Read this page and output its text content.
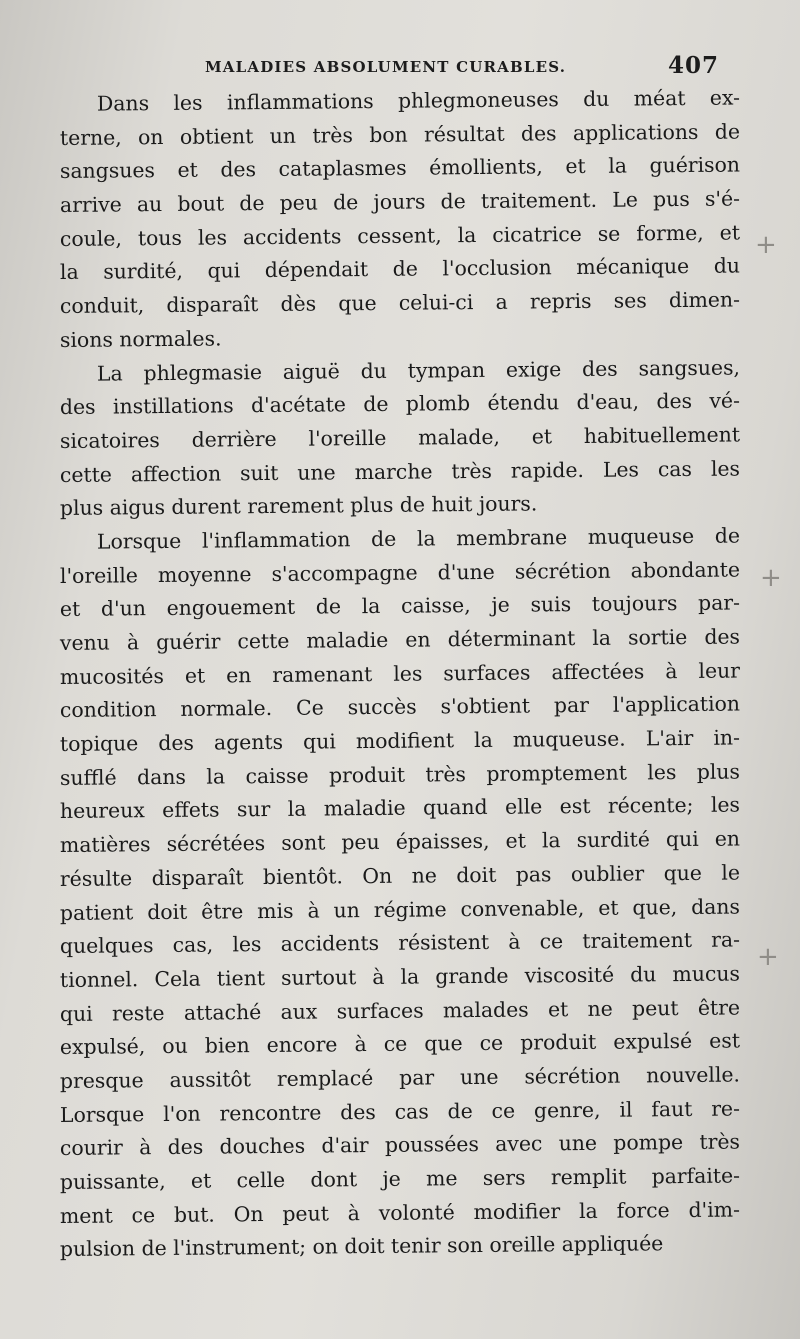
MALADIES ABSOLUMENT CURABLES.	407
Dans les inflammations phlegmoneuses du méat ex-
terne, on obtient un très bon résultat des applications de
sangsues et des cataplasmes émollients, et la guérison
arrive au bout de peu de jours de traitement. Le pus s'é-
coule, tous les accidents cessent, la cicatrice se forme, et
la surdité, qui dépendait de l'occlusion mécanique du
conduit, disparaît dès que celui-ci a repris ses dimen-
sions normales.
La phlegmasie aiguë du tympan exige des sangsues,
des instillations d'acétate de plomb étendu d'eau, des vé-
sicatoires derrière l'oreille malade, et habituellement
cette affection suit une marche très rapide. Les cas les
plus aigus durent rarement plus de huit jours.
Lorsque l'inflammation de la membrane muqueuse de
l'oreille moyenne s'accompagne d'une sécrétion abondante
et d'un engouement de la caisse, je suis toujours par-
venu à guérir cette maladie en déterminant la sortie des
mucosités et en ramenant les surfaces affectées à leur
condition normale. Ce succès s'obtient par l'application
topique des agents qui modifient la muqueuse. L'air in-
sufflé dans la caisse produit très promptement les plus
heureux effets sur la maladie quand elle est récente; les
matières sécrétées sont peu épaisses, et la surdité qui en
résulte disparaît bientôt. On ne doit pas oublier que le
patient doit être mis à un régime convenable, et que, dans
quelques cas, les accidents résistent à ce traitement ra-
tionnel. Cela tient surtout à la grande viscosité du mucus
qui reste attaché aux surfaces malades et ne peut être
expulsé, ou bien encore à ce que ce produit expulsé est
presque aussitôt remplacé par une sécrétion nouvelle.
Lorsque l'on rencontre des cas de ce genre, il faut re-
courir à des douches d'air poussées avec une pompe très
puissante, et celle dont je me sers remplit parfaite-
ment ce but. On peut à volonté modifier la force d'im-
pulsion de l'instrument; on doit tenir son oreille appliquée
+
+
+
